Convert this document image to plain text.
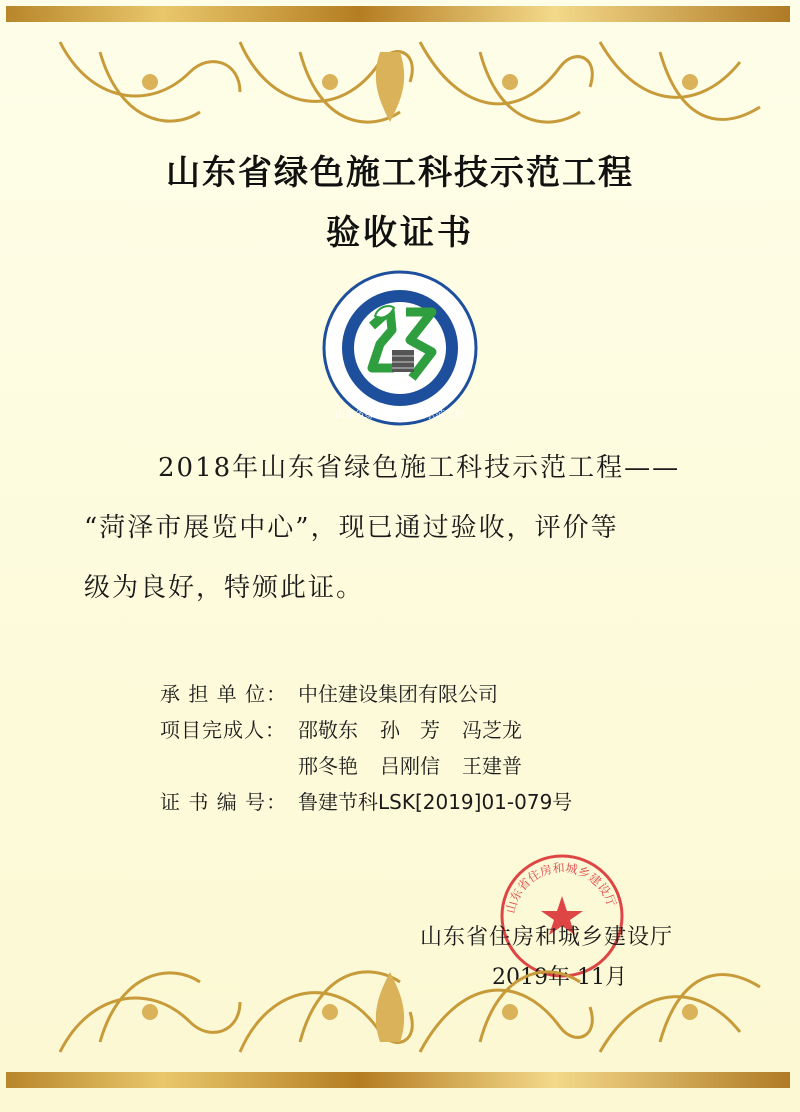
山东省绿色施工科技示范工程
验收证书
山东省绿色施工科技示范工程
2018年山东省绿色施工科技示范工程——
“菏泽市展览中心”，现已通过验收，评价等
级为良好，特颁此证。
承 担 单 位： 中住建设集团有限公司
项目完成人： 邵敬东 孙　芳 冯芝龙
邢冬艳 吕刚信 王建普
证 书 编 号： 鲁建节科LSK[2019]01-079号
山东省住房和城乡建设厅
山东省住房和城乡建设厅
2019年 11月
